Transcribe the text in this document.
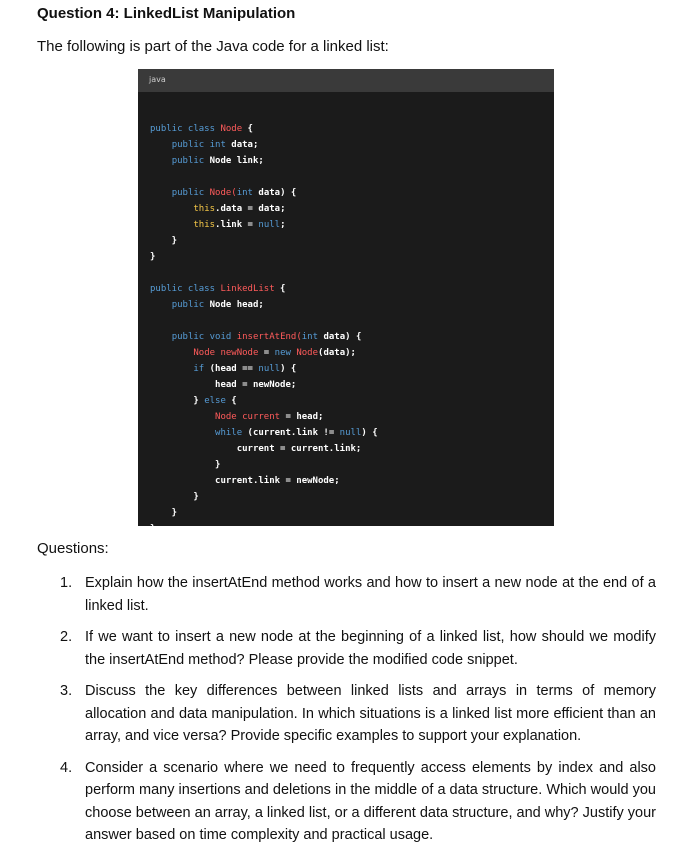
Question 4: LinkedList Manipulation
The following is part of the Java code for a linked list:
java
public class Node {
public int data;
public Node link;
public Node(int data) {
this.data = data;
this.link = null;
}
}
public class LinkedList {
public Node head;
public void insertAtEnd(int data) {
Node newNode = new Node(data);
if (head == null) {
head = newNode;
} else {
Node current = head;
while (current.link != null) {
current = current.link;
}
current.link = newNode;
}
}
}
Questions:
1. Explain how the insertAtEnd method works and how to insert a new node at the end of a linked list.
2. If we want to insert a new node at the beginning of a linked list, how should we modify the insertAtEnd method? Please provide the modified code snippet.
3. Discuss the key differences between linked lists and arrays in terms of memory allocation and data manipulation. In which situations is a linked list more efficient than an array, and vice versa? Provide specific examples to support your explanation.
4. Consider a scenario where we need to frequently access elements by index and also perform many insertions and deletions in the middle of a data structure. Which would you choose between an array, a linked list, or a different data structure, and why? Justify your answer based on time complexity and practical usage.
